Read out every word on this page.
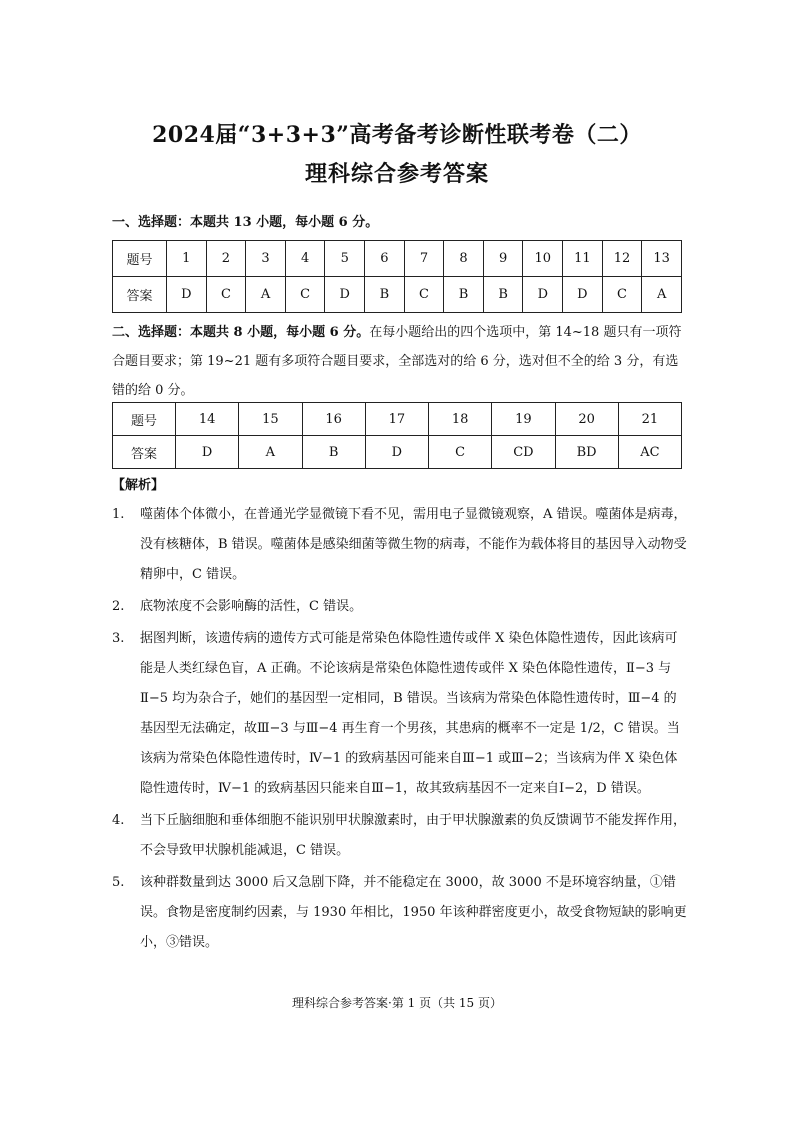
2024届“3+3+3”高考备考诊断性联考卷（二）
理科综合参考答案
一、选择题：本题共 13 小题，每小题 6 分。
题号	1	2	3	4	5	6	7	8	9	10	11	12	13
答案	D	C	A	C	D	B	C	B	B	D	D	C	A
二、选择题：本题共 8 小题，每小题 6 分。在每小题给出的四个选项中，第 14~18 题只有一项符合题目要求；第 19~21 题有多项符合题目要求，全部选对的给 6 分，选对但不全的给 3 分，有选错的给 0 分。
题号	14	15	16	17	18	19	20	21
答案	D	A	B	D	C	CD	BD	AC
【解析】
1. 噬菌体个体微小，在普通光学显微镜下看不见，需用电子显微镜观察，A 错误。噬菌体是病毒，没有核糖体，B 错误。噬菌体是感染细菌等微生物的病毒，不能作为载体将目的基因导入动物受精卵中，C 错误。
2. 底物浓度不会影响酶的活性，C 错误。
3. 据图判断，该遗传病的遗传方式可能是常染色体隐性遗传或伴 X 染色体隐性遗传，因此该病可能是人类红绿色盲，A 正确。不论该病是常染色体隐性遗传或伴 X 染色体隐性遗传，Ⅱ−3 与Ⅱ−5 均为杂合子，她们的基因型一定相同，B 错误。当该病为常染色体隐性遗传时，Ⅲ−4 的基因型无法确定，故Ⅲ−3 与Ⅲ−4 再生育一个男孩，其患病的概率不一定是 1/2，C 错误。当该病为常染色体隐性遗传时，Ⅳ−1 的致病基因可能来自Ⅲ−1 或Ⅲ−2；当该病为伴 X 染色体隐性遗传时，Ⅳ−1 的致病基因只能来自Ⅲ−1，故其致病基因不一定来自Ⅰ−2，D 错误。
4. 当下丘脑细胞和垂体细胞不能识别甲状腺激素时，由于甲状腺激素的负反馈调节不能发挥作用，不会导致甲状腺机能减退，C 错误。
5. 该种群数量到达 3000 后又急剧下降，并不能稳定在 3000，故 3000 不是环境容纳量，①错误。食物是密度制约因素，与 1930 年相比，1950 年该种群密度更小，故受食物短缺的影响更小，③错误。
理科综合参考答案·第 1 页（共 15 页）
